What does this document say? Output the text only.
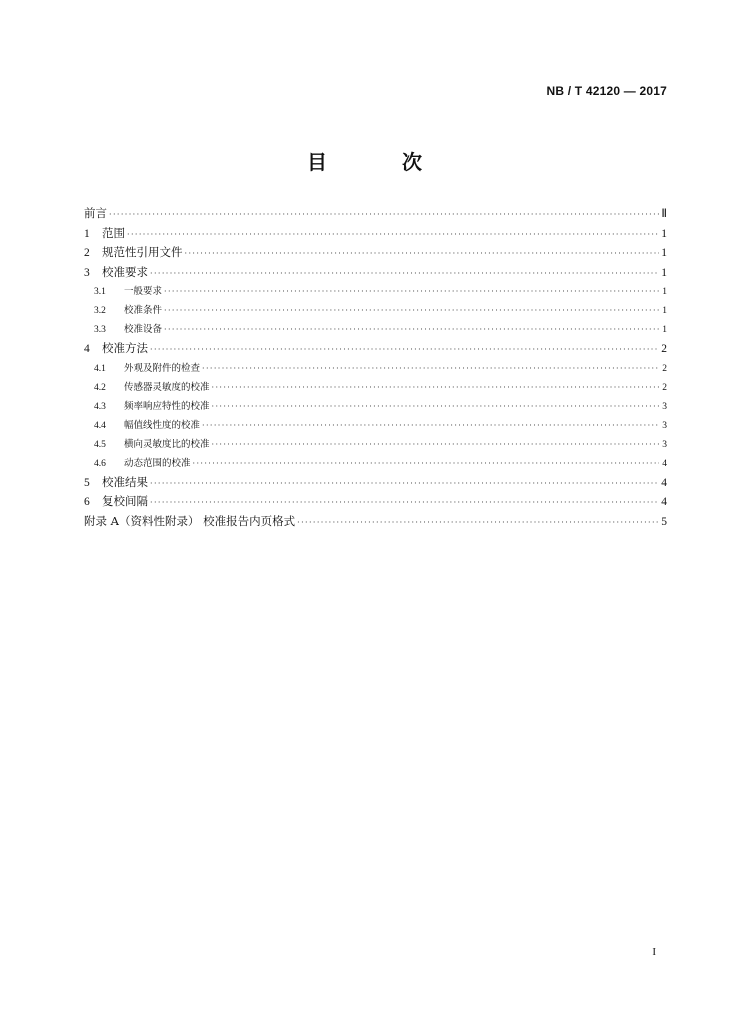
NB / T 42120 — 2017
目 次
前言 ·····	Ⅱ
1	范围 ·····	1
2	规范性引用文件 ·····	1
3	校准要求 ·····	1
3.1	一般要求 ·····	1
3.2	校准条件 ·····	1
3.3	校准设备 ·····	1
4	校准方法 ·····	2
4.1	外观及附件的检查 ·····	2
4.2	传感器灵敏度的校准 ·····	2
4.3	频率响应特性的校准 ·····	3
4.4	幅值线性度的校准 ·····	3
4.5	横向灵敏度比的校准 ·····	3
4.6	动态范围的校准 ·····	4
5	校准结果 ·····	4
6	复校间隔 ·····	4
附录 A（资料性附录） 校准报告内页格式 ·····	5
I
